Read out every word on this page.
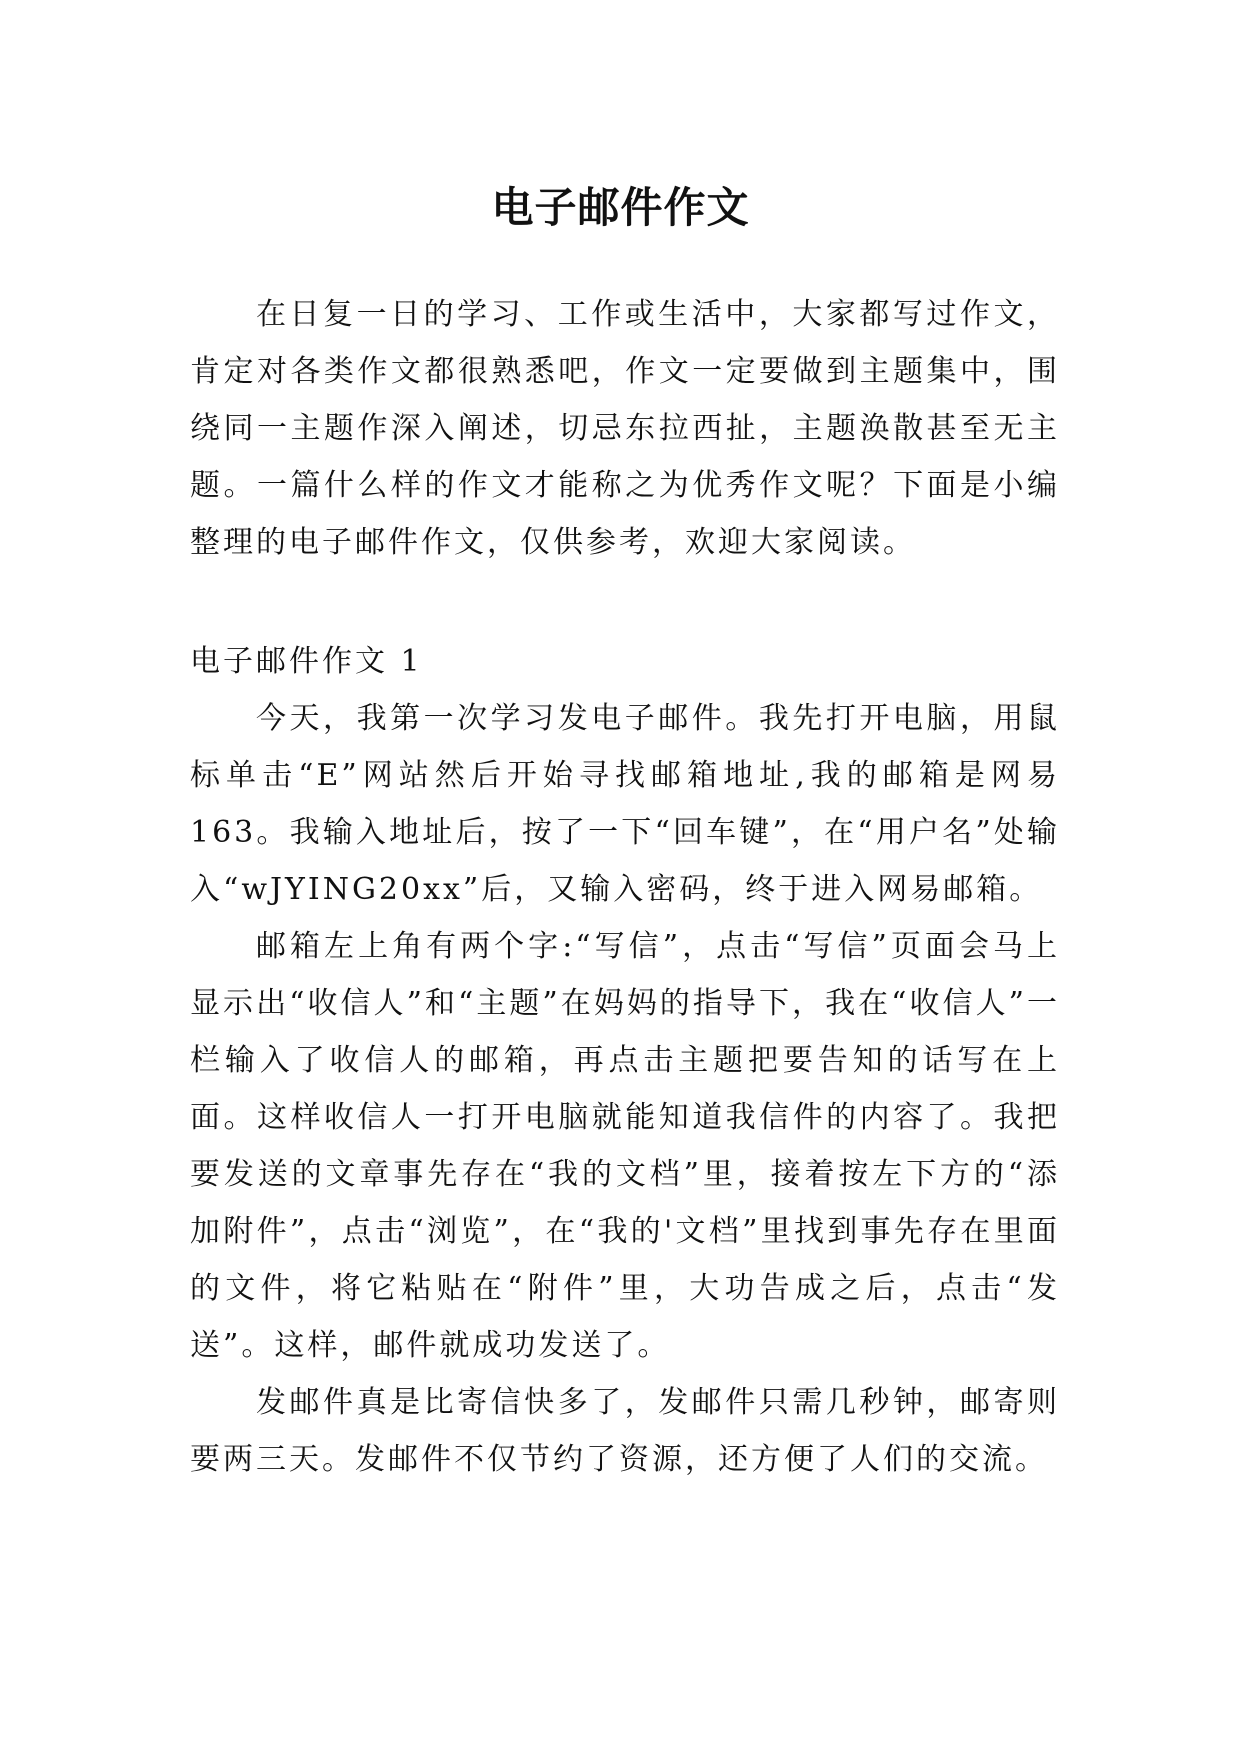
电子邮件作文

在日复一日的学习、工作或生活中，大家都写过作文，肯定对各类作文都很熟悉吧，作文一定要做到主题集中，围绕同一主题作深入阐述，切忌东拉西扯，主题涣散甚至无主题。一篇什么样的作文才能称之为优秀作文呢？下面是小编整理的电子邮件作文，仅供参考，欢迎大家阅读。

电子邮件作文 1

今天，我第一次学习发电子邮件。我先打开电脑，用鼠标单击“E”网站然后开始寻找邮箱地址,我的邮箱是网易163。我输入地址后，按了一下“回车键”，在“用户名”处输入“wJYING20xx”后，又输入密码，终于进入网易邮箱。

邮箱左上角有两个字:“写信”，点击“写信”页面会马上显示出“收信人”和“主题”在妈妈的指导下，我在“收信人”一栏输入了收信人的邮箱，再点击主题把要告知的话写在上面。这样收信人一打开电脑就能知道我信件的内容了。我把要发送的文章事先存在“我的文档”里，接着按左下方的“添加附件”，点击“浏览”，在“我的'文档”里找到事先存在里面的文件，将它粘贴在“附件”里，大功告成之后，点击“发送”。这样，邮件就成功发送了。

发邮件真是比寄信快多了，发邮件只需几秒钟，邮寄则要两三天。发邮件不仅节约了资源，还方便了人们的交流。
